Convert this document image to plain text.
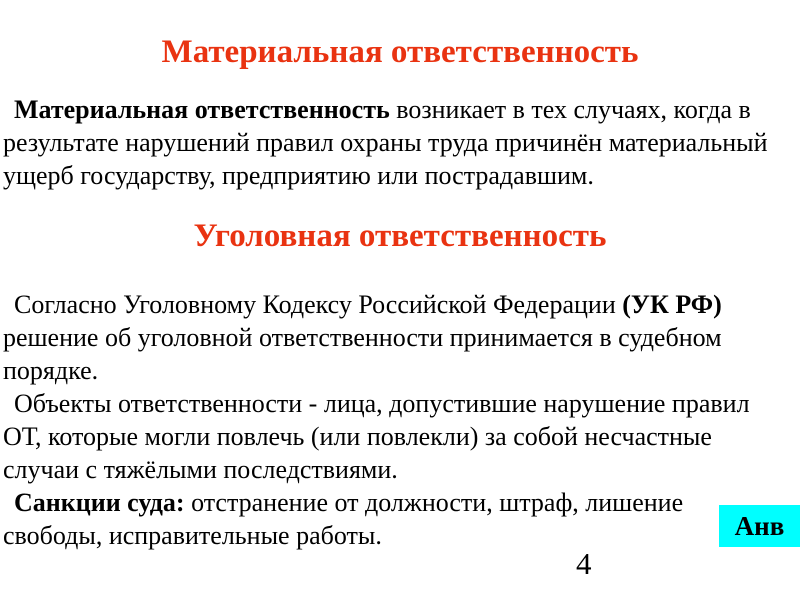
Материальная ответственность
Материальная ответственность возникает в тех случаях, когда в
результате нарушений правил охраны труда причинён материальный
ущерб государству, предприятию или пострадавшим.
Уголовная ответственность
Согласно Уголовному Кодексу Российской Федерации (УК РФ)
решение об уголовной ответственности принимается в судебном
порядке.
Объекты ответственности - лица, допустившие нарушение правил
ОТ, которые могли повлечь (или повлекли) за собой несчастные
случаи с тяжёлыми последствиями.
Санкции суда: отстранение от должности, штраф, лишение
свободы, исправительные работы.	Анв
4
